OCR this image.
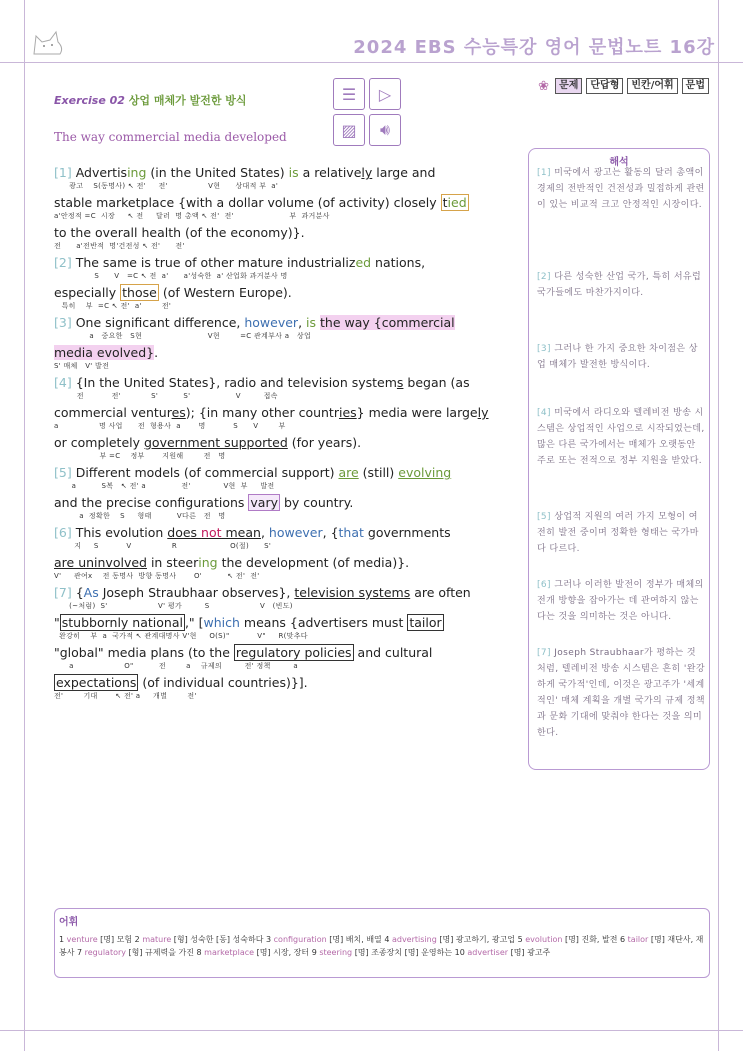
2024 EBS 수능특강 영어 문법노트 16강
❀	문제	단답형	빈칸/어휘	문법
Exercise 02 상업 매체가 발전한 방식
The way commercial media developed
☰	▷
▨	🔊︎
[1] Advertising (in the United States) is a relatively large and
광고    S(동명사) ↖ 전'     전'                V현      상대적 부  a'
stable marketplace {with a dollar volume (of activity) closely tied
a'안정적 =C  시장     ↖ 전     달러  명 총액 ↖ 전'  전'                      부  과거분사
to the overall health (of the economy)}.
전      a'전반적  명'건전성 ↖ 전'      전'
[2] The same is true of other mature industrialized nations,
S      V   =C ↖ 전  a'      a'성숙한  a' 산업화 과거분사 명
especially those (of Western Europe).
특히    부  =C ↖ 전'  a'        전'
[3] One significant difference, however, is the way {commercial
a   중요한   S현                          V현        =C 관계부사 a   상업
media evolved}.
S' 매체   V' 발전
[4] {In the United States}, radio and television systems began (as
전           전'            S'          S'                  V         접속
commercial ventures); {in many other countries} media were largely
a                명 사업      전  형용사  a       명           S      V        부
or completely government supported (for years).
부 =C    정부       지원해        전   명
[5] Different models (of commercial support) are (still) evolving
a          S복   ↖ 전' a              전'             V현  부     발전
and the precise configurations vary by country.
a  정확한    S     형태          V다른   전   명
[6] This evolution does not mean, however, {that governments
지     S           V                R                     O(절)      S'
are uninvolved in steering the development (of media)}.
V'     관여x    전 동명사  방향 동명사       O'          ↖ 전'  전'
[7] {As Joseph Straubhaar observes}, television systems are often
(~처럼)  S'                    V' 평가         S                    V   (빈도)
" stubbornly national ," [which means {advertisers must tailor
완강히    부  a  국가적 ↖ 관계대명사 V'현     O(S)"           V"     R(맞추다
"global" media plans (to the regulatory policies and cultural
a                    O"          전        a    규제의         전' 정책         a
expectations (of individual countries)}].
전'        기대       ↖ 전' a     개별        전'
해석
[1] 미국에서 광고는 활동의 달러 총액이 경제의 전반적인 건전성과 밀접하게 관련이 있는 비교적 크고 안정적인 시장이다.
[2] 다른 성숙한 산업 국가, 특히 서유럽 국가들에도 마찬가지이다.
[3] 그러나 한 가지 중요한 차이점은 상업 매체가 발전한 방식이다.
[4] 미국에서 라디오와 텔레비전 방송 시스템은 상업적인 사업으로 시작되었는데, 많은 다른 국가에서는 매체가 오랫동안 주로 또는 전적으로 정부 지원을 받았다.
[5] 상업적 지원의 여러 가지 모형이 여전히 발전 중이며 정확한 형태는 국가마다 다르다.
[6] 그러나 이러한 발전이 정부가 매체의 전개 방향을 잡아가는 데 관여하지 않는다는 것을 의미하는 것은 아니다.
[7] Joseph Straubhaar가 평하는 것처럼, 텔레비전 방송 시스템은 흔히 '완강하게 국가적'인데, 이것은 광고주가 '세계적인' 매체 계획을 개별 국가의 규제 정책과 문화 기대에 맞춰야 한다는 것을 의미한다.
어휘
1 venture [명] 모험 2 mature [형] 성숙한 [동] 성숙하다 3 configuration [명] 배치, 배열 4 advertising [명] 광고하기, 광고업 5 evolution [명] 진화, 발전 6 tailor [명] 재단사, 재봉사 7 regulatory [형] 규제력을 가진 8 marketplace [명] 시장, 장터 9 steering [명] 조종장치 [명] 운영하는 10 advertiser [명] 광고주
